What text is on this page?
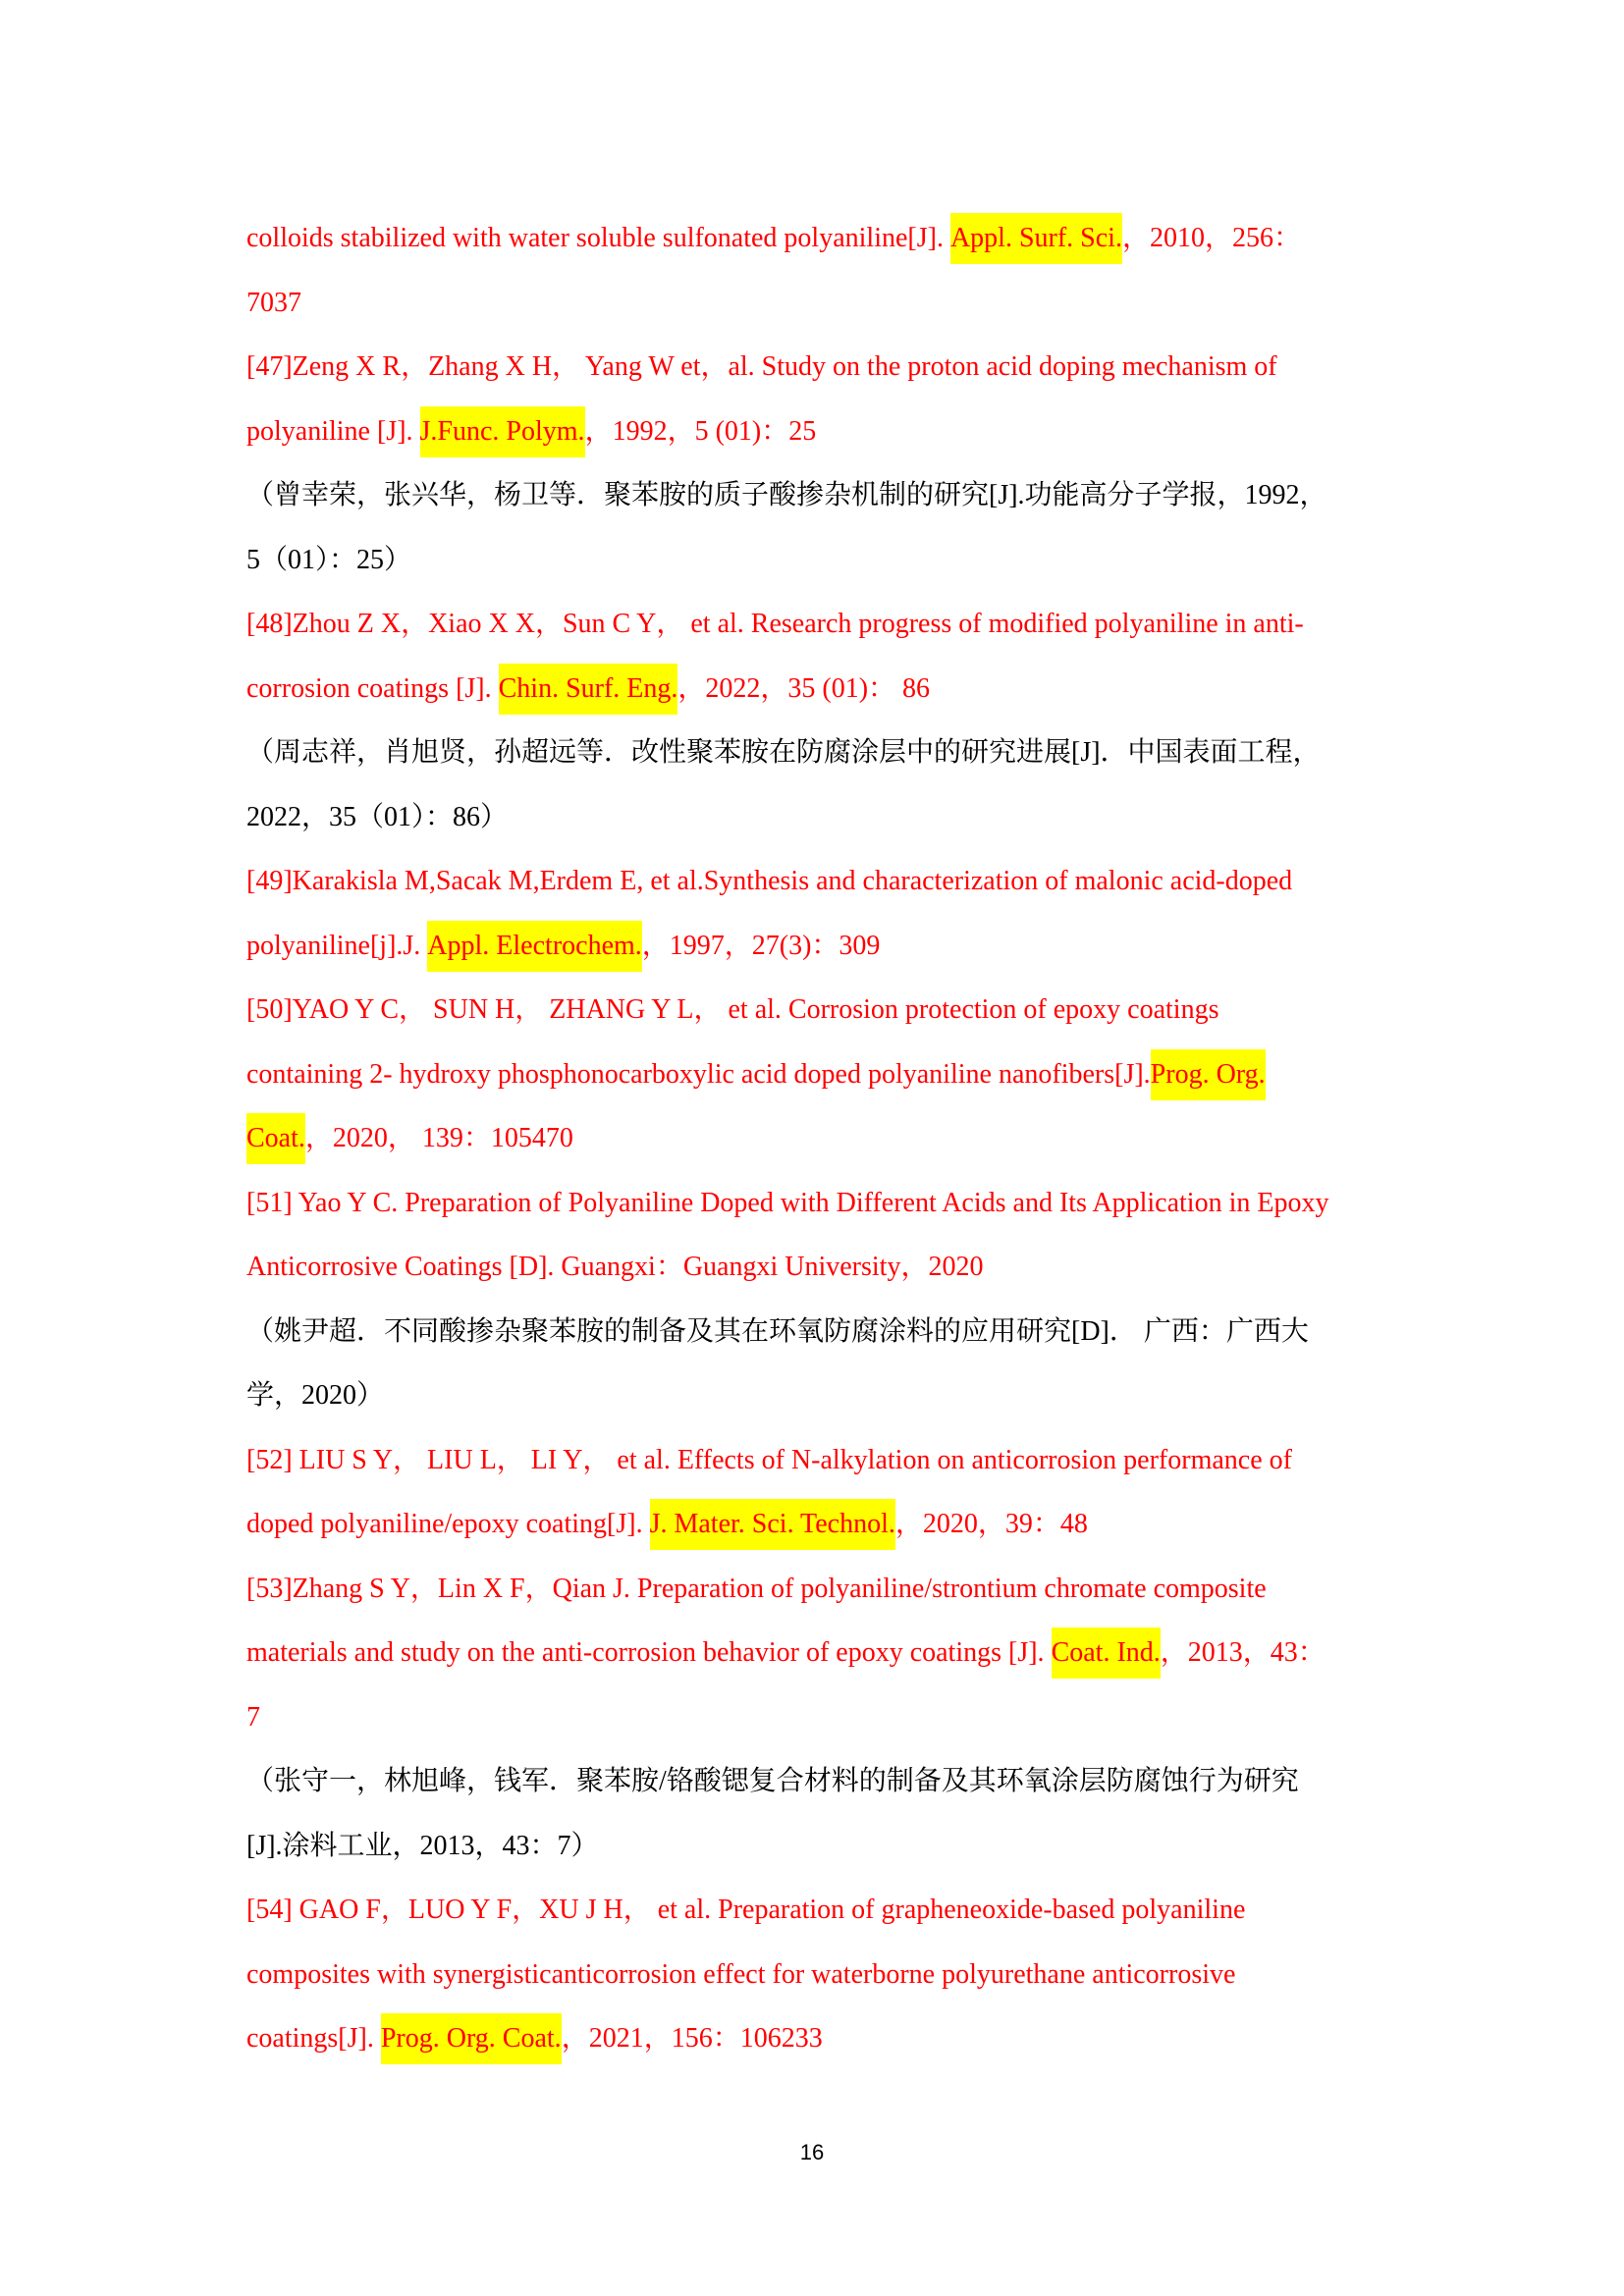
colloids stabilized with water soluble sulfonated polyaniline[J]. Appl. Surf. Sci.，2010，256：
7037
[47]Zeng X R，Zhang X H， Yang W et，al. Study on the proton acid doping mechanism of
polyaniline [J]. J.Func. Polym.，1992，5 (01)：25
（曾幸荣，张兴华，杨卫等．聚苯胺的质子酸掺杂机制的研究[J].功能高分子学报，1992，
5（01）：25）
[48]Zhou Z X，Xiao X X，Sun C Y， et al. Research progress of modified polyaniline in anti-
corrosion coatings [J]. Chin. Surf. Eng.，2022，35 (01)： 86
（周志祥，肖旭贤，孙超远等．改性聚苯胺在防腐涂层中的研究进展[J]．中国表面工程，
2022，35（01）：86）
[49]Karakisla M,Sacak M,Erdem E, et al.Synthesis and characterization of malonic acid-doped
polyaniline[j].J. Appl. Electrochem.，1997，27(3)：309
[50]YAO Y C， SUN H， ZHANG Y L， et al. Corrosion protection of epoxy coatings
containing 2- hydroxy phosphonocarboxylic acid doped polyaniline nanofibers[J].Prog. Org.
Coat.，2020， 139：105470
[51] Yao Y C. Preparation of Polyaniline Doped with Different Acids and Its Application in Epoxy
Anticorrosive Coatings [D]. Guangxi：Guangxi University，2020
（姚尹超．不同酸掺杂聚苯胺的制备及其在环氧防腐涂料的应用研究[D]． 广西：广西大
学，2020）
[52] LIU S Y， LIU L， LI Y， et al. Effects of N-alkylation on anticorrosion performance of
doped polyaniline/epoxy coating[J]. J. Mater. Sci. Technol.，2020，39：48
[53]Zhang S Y，Lin X F，Qian J. Preparation of polyaniline/strontium chromate composite
materials and study on the anti-corrosion behavior of epoxy coatings [J]. Coat. Ind.，2013，43：
7
（张守一，林旭峰，钱军．聚苯胺/铬酸锶复合材料的制备及其环氧涂层防腐蚀行为研究
[J].涂料工业，2013，43：7）
[54] GAO F，LUO Y F，XU J H， et al. Preparation of grapheneoxide-based polyaniline
composites with synergisticanticorrosion effect for waterborne polyurethane anticorrosive
coatings[J]. Prog. Org. Coat.，2021，156：106233
16
